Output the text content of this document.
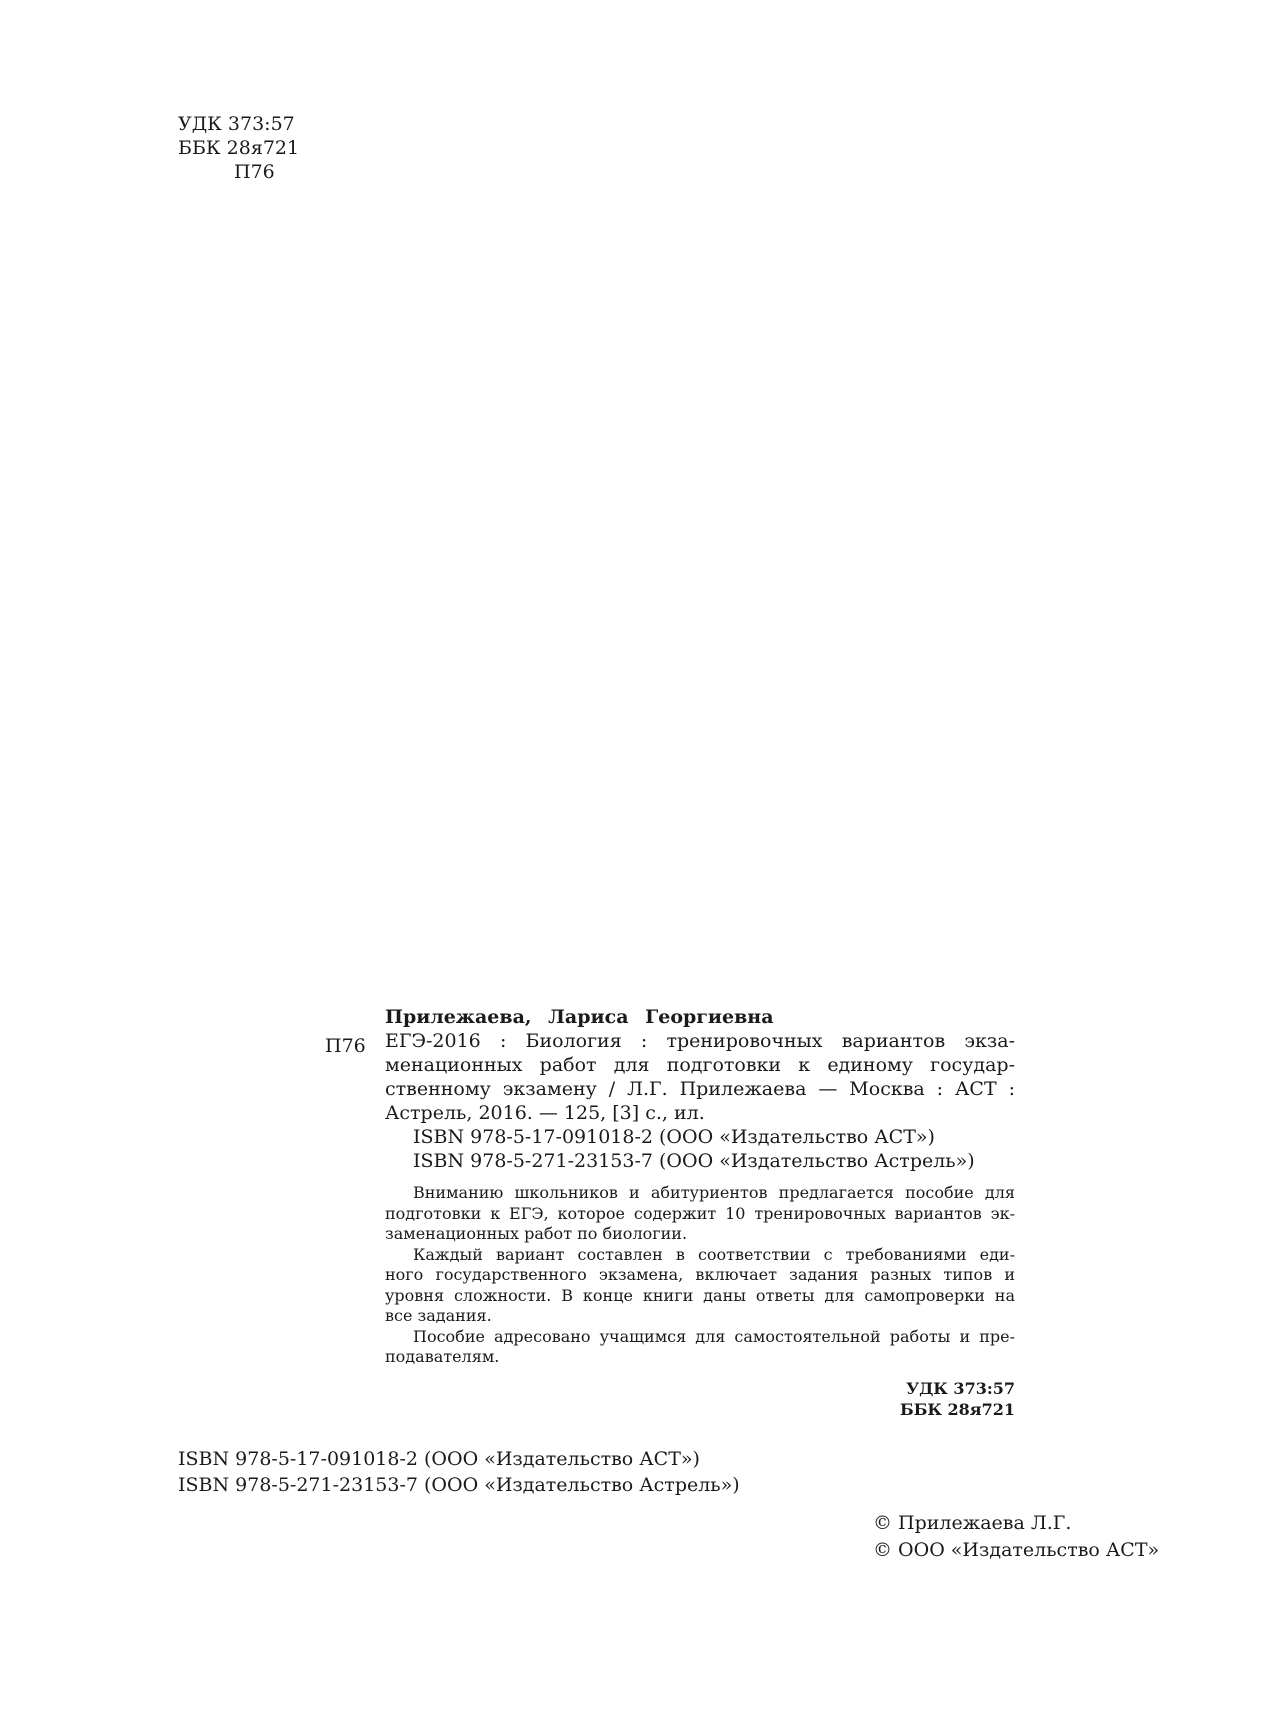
УДК 373:57
ББК 28я721
П76
П76
Прилежаева, Лариса Георгиевна
ЕГЭ-2016 : Биология : тренировочных вариантов экза-
менационных работ для подготовки к единому государ-
ственному экзамену / Л.Г. Прилежаева — Москва : АСТ :
Астрель, 2016. — 125, [3] с., ил.
ISBN 978-5-17-091018-2 (ООО «Издательство АСТ»)
ISBN 978-5-271-23153-7 (ООО «Издательство Астрель»)
Вниманию школьников и абитуриентов предлагается пособие для
подготовки к ЕГЭ, которое содержит 10 тренировочных вариантов эк-
заменационных работ по биологии.
Каждый вариант составлен в соответствии с требованиями еди-
ного государственного экзамена, включает задания разных типов и
уровня сложности. В конце книги даны ответы для самопроверки на
все задания.
Пособие адресовано учащимся для самостоятельной работы и пре-
подавателям.
УДК 373:57
ББК 28я721
ISBN 978-5-17-091018-2 (ООО «Издательство АСТ»)
ISBN 978-5-271-23153-7 (ООО «Издательство Астрель»)
© Прилежаева Л.Г.
© ООО «Издательство АСТ»
